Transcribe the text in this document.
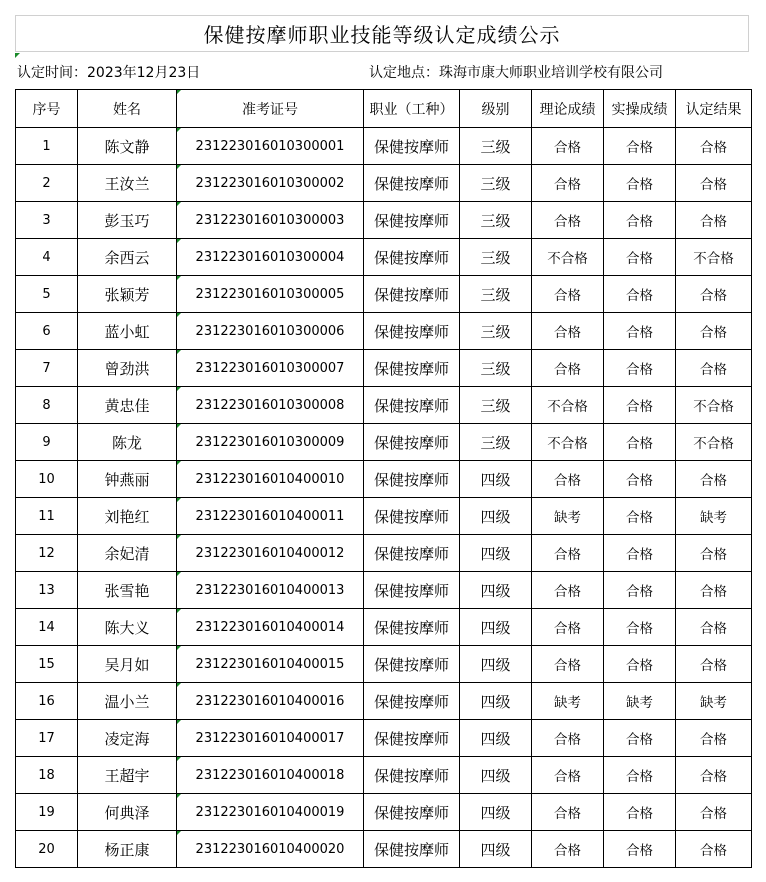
保健按摩师职业技能等级认定成绩公示
认定时间：2023年12月23日	认定地点：珠海市康大师职业培训学校有限公司
序号	姓名	准考证号	职业（工种）	级别	理论成绩	实操成绩	认定结果
1	陈文静	231223016010300001	保健按摩师	三级	合格	合格	合格
2	王汝兰	231223016010300002	保健按摩师	三级	合格	合格	合格
3	彭玉巧	231223016010300003	保健按摩师	三级	合格	合格	合格
4	余西云	231223016010300004	保健按摩师	三级	不合格	合格	不合格
5	张颖芳	231223016010300005	保健按摩师	三级	合格	合格	合格
6	蓝小虹	231223016010300006	保健按摩师	三级	合格	合格	合格
7	曾劲洪	231223016010300007	保健按摩师	三级	合格	合格	合格
8	黄忠佳	231223016010300008	保健按摩师	三级	不合格	合格	不合格
9	陈龙	231223016010300009	保健按摩师	三级	不合格	合格	不合格
10	钟燕丽	231223016010400010	保健按摩师	四级	合格	合格	合格
11	刘艳红	231223016010400011	保健按摩师	四级	缺考	合格	缺考
12	余妃清	231223016010400012	保健按摩师	四级	合格	合格	合格
13	张雪艳	231223016010400013	保健按摩师	四级	合格	合格	合格
14	陈大义	231223016010400014	保健按摩师	四级	合格	合格	合格
15	吴月如	231223016010400015	保健按摩师	四级	合格	合格	合格
16	温小兰	231223016010400016	保健按摩师	四级	缺考	缺考	缺考
17	凌定海	231223016010400017	保健按摩师	四级	合格	合格	合格
18	王超宇	231223016010400018	保健按摩师	四级	合格	合格	合格
19	何典泽	231223016010400019	保健按摩师	四级	合格	合格	合格
20	杨正康	231223016010400020	保健按摩师	四级	合格	合格	合格
